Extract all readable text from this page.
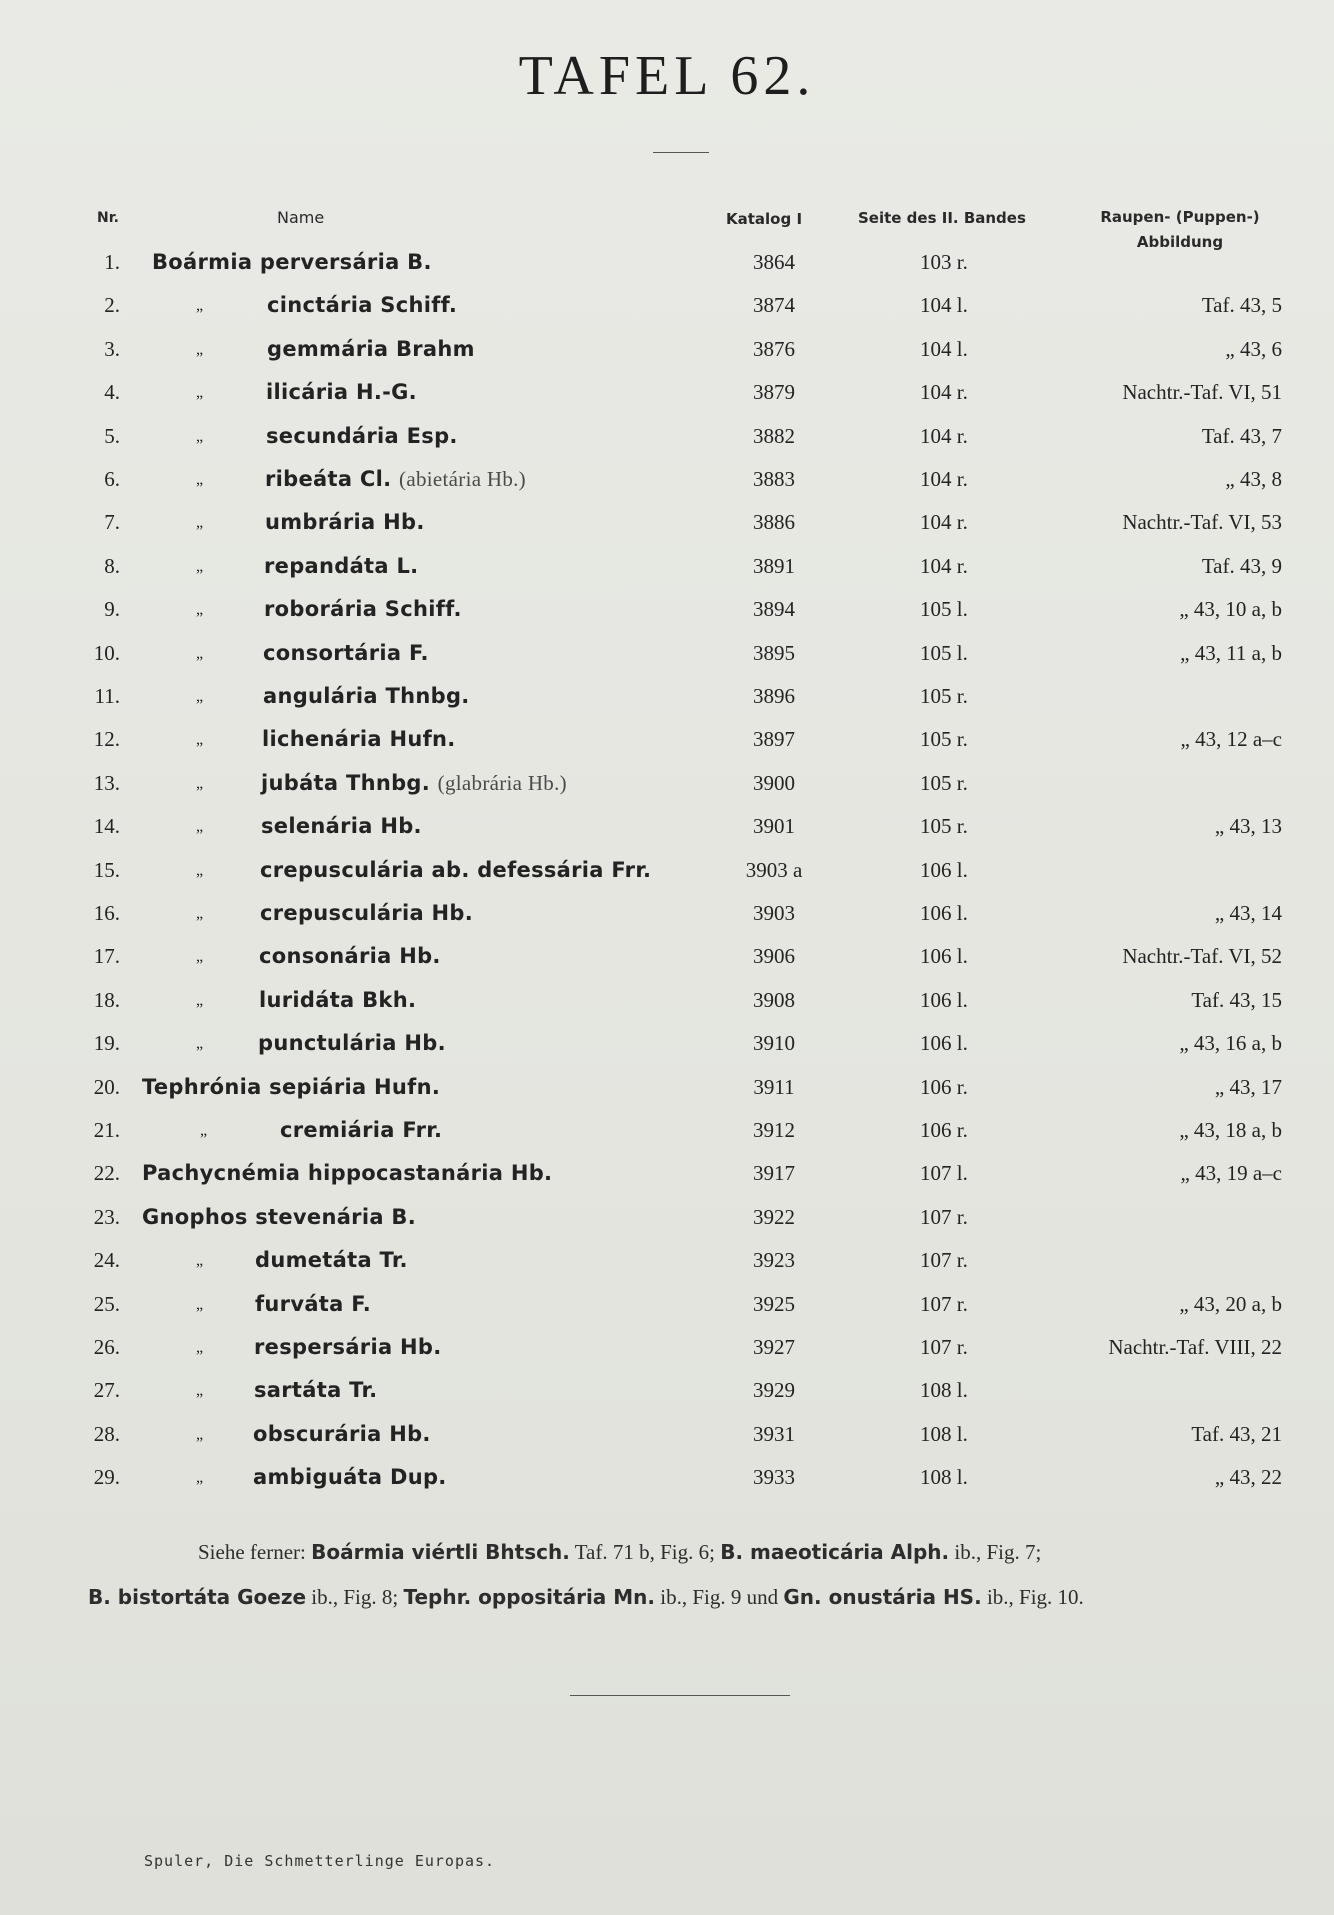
TAFEL 62.
Nr.	Name	Katalog I	Seite des II. Bandes	Raupen- (Puppen-)
Abbildung
1. Boármia perversária B.	3864	103 r.
2.	„	cinctária Schiff.	3874	104 l.	Taf. 43, 5
3.	„	gemmária Brahm	3876	104 l.	„ 43, 6
4.	„	ilicária H.-G.	3879	104 r.	Nachtr.-Taf. VI, 51
5.	„	secundária Esp.	3882	104 r.	Taf. 43, 7
6.	„	ribeáta Cl. (abietária Hb.)	3883	104 r.	„ 43, 8
7.	„	umbrária Hb.	3886	104 r.	Nachtr.-Taf. VI, 53
8.	„	repandáta L.	3891	104 r.	Taf. 43, 9
9.	„	roborária Schiff.	3894	105 l.	„ 43, 10 a, b
10.	„	consortária F.	3895	105 l.	„ 43, 11 a, b
11.	„	angulária Thnbg.	3896	105 r.
12.	„	lichenária Hufn.	3897	105 r.	„ 43, 12 a–c
13.	„	jubáta Thnbg. (glabrária Hb.)	3900	105 r.
14.	„	selenária Hb.	3901	105 r.	„ 43, 13
15.	„	crepusculária ab. defessária Frr.	3903 a	106 l.
16.	„	crepusculária Hb.	3903	106 l.	„ 43, 14
17.	„	consonária Hb.	3906	106 l.	Nachtr.-Taf. VI, 52
18.	„	luridáta Bkh.	3908	106 l.	Taf. 43, 15
19.	„	punctulária Hb.	3910	106 l.	„ 43, 16 a, b
20. Tephrónia sepiária Hufn.	3911	106 r.	„ 43, 17
21.	„	cremiária Frr.	3912	106 r.	„ 43, 18 a, b
22. Pachycnémia hippocastanária Hb.	3917	107 l.	„ 43, 19 a–c
23. Gnophos stevenária B.	3922	107 r.
24.	„ dumetáta Tr.	3923	107 r.
25.	„ furváta F.	3925	107 r.	„ 43, 20 a, b
26.	„ respersária Hb.	3927	107 r.	Nachtr.-Taf. VIII, 22
27.	„ sartáta Tr.	3929	108 l.
28.	„ obscurária Hb.	3931	108 l.	Taf. 43, 21
29.	„ ambiguáta Dup.	3933	108 l.	„ 43, 22
Siehe ferner: Boármia viértli Bhtsch. Taf. 71 b, Fig. 6; B. maeoticária Alph. ib., Fig. 7;
B. bistortáta Goeze ib., Fig. 8; Tephr. oppositária Mn. ib., Fig. 9 und Gn. onustária HS. ib., Fig. 10.
Spuler, Die Schmetterlinge Europas.
